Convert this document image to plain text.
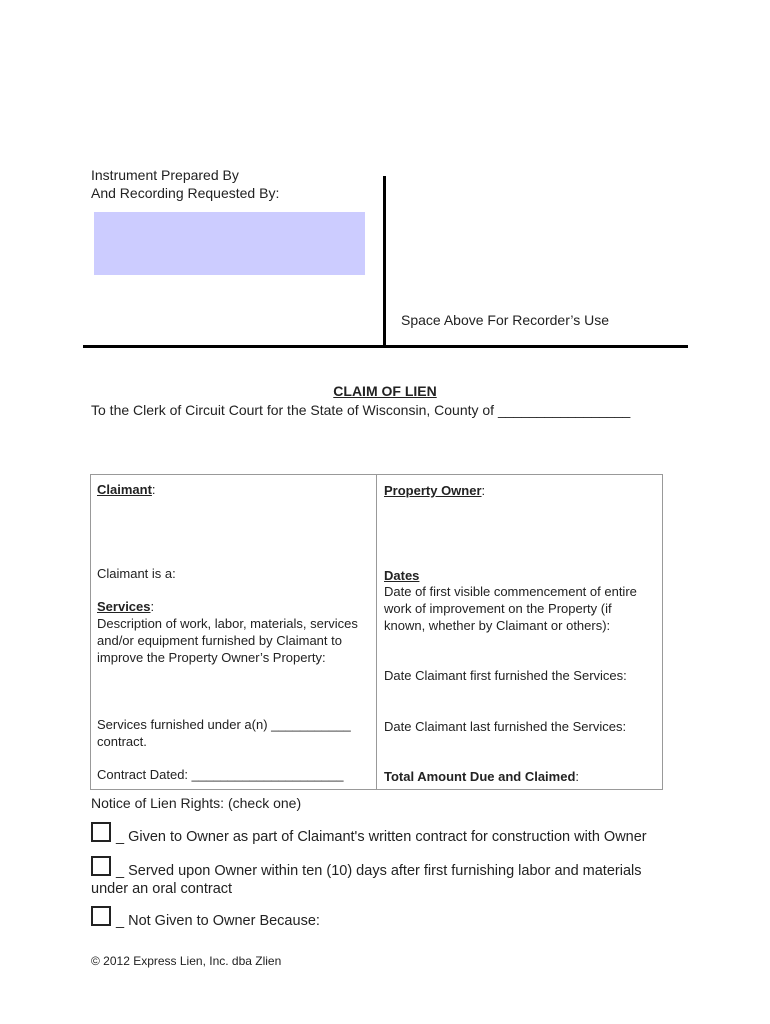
Instrument Prepared By
And Recording Requested By:
Space Above For Recorder’s Use
CLAIM OF LIEN
To the Clerk of Circuit Court for the State of Wisconsin, County of _________________
Claimant:
Claimant is a:
Services:
Description of work, labor, materials, services and/or equipment furnished by Claimant to improve the Property Owner’s Property:
Services furnished under a(n) ___________ contract.
Contract Dated: _____________________
Property Owner:
Dates
Date of first visible commencement of entire work of improvement on the Property (if known, whether by Claimant or others):
Date Claimant first furnished the Services:
Date Claimant last furnished the Services:
Total Amount Due and Claimed:
Notice of Lien Rights: (check one)
_ Given to Owner as part of Claimant's written contract for construction with Owner
_ Served upon Owner within ten (10) days after first furnishing labor and materials under an oral contract
_ Not Given to Owner Because:
© 2012 Express Lien, Inc. dba Zlien
